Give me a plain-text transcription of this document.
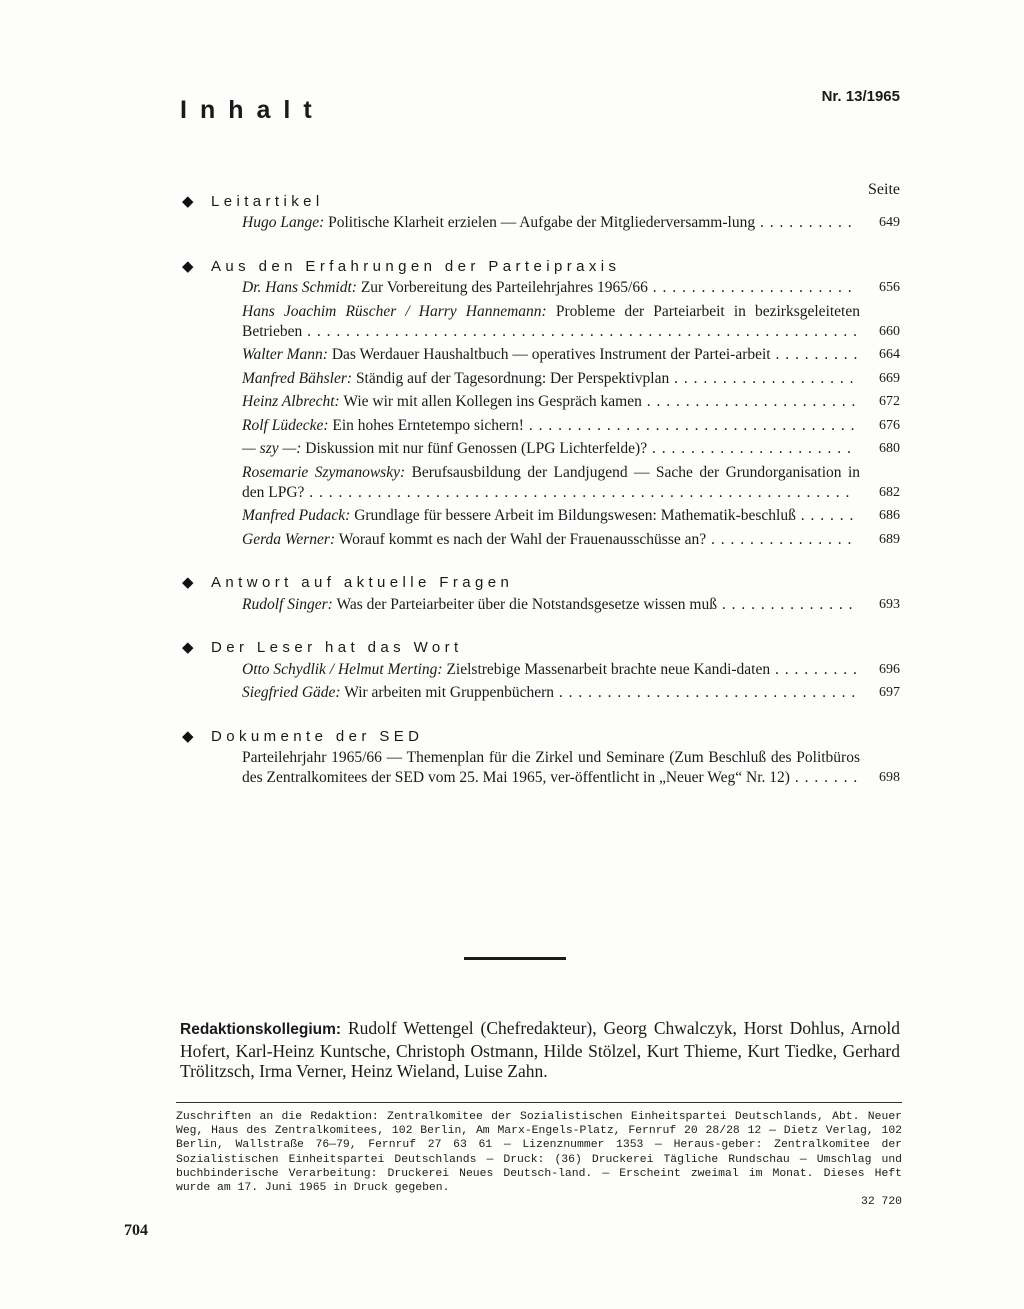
Inhalt	Nr. 13/1965
Seite
◆	Leitartikel
Hugo Lange: Politische Klarheit erzielen — Aufgabe der Mitgliederversamm-lung . . . . . . . . . .	649
◆	Aus den Erfahrungen der Parteipraxis
Dr. Hans Schmidt: Zur Vorbereitung des Parteilehrjahres 1965/66 . . . . . . . . . . . . . . . . . . . . .	656
Hans Joachim Rüscher / Harry Hannemann: Probleme der Parteiarbeit in bezirksgeleiteten Betrieben . . . . . . . . . . . . . . . . . . . . . . . . . . . . . . . . . . . . . . . . . . . . . . . . . . . . . . . . .	660
Walter Mann: Das Werdauer Haushaltbuch — operatives Instrument der Partei-arbeit . . . . . . . . .	664
Manfred Bähsler: Ständig auf der Tagesordnung: Der Perspektivplan . . . . . . . . . . . . . . . . . . .	669
Heinz Albrecht: Wie wir mit allen Kollegen ins Gespräch kamen . . . . . . . . . . . . . . . . . . . . . .	672
Rolf Lüdecke: Ein hohes Erntetempo sichern! . . . . . . . . . . . . . . . . . . . . . . . . . . . . . . . . . .	676
— szy —: Diskussion mit nur fünf Genossen (LPG Lichterfelde)? . . . . . . . . . . . . . . . . . . . . .	680
Rosemarie Szymanowsky: Berufsausbildung der Landjugend — Sache der Grundorganisation in den LPG? . . . . . . . . . . . . . . . . . . . . . . . . . . . . . . . . . . . . . . . . . . . . . . . . . . . . . . . .	682
Manfred Pudack: Grundlage für bessere Arbeit im Bildungswesen: Mathematik-beschluß . . . . . .	686
Gerda Werner: Worauf kommt es nach der Wahl der Frauenausschüsse an? . . . . . . . . . . . . . . .	689
◆	Antwort auf aktuelle Fragen
Rudolf Singer: Was der Parteiarbeiter über die Notstandsgesetze wissen muß . . . . . . . . . . . . . .	693
◆	Der Leser hat das Wort
Otto Schydlik / Helmut Merting: Zielstrebige Massenarbeit brachte neue Kandi-daten . . . . . . . . .	696
Siegfried Gäde: Wir arbeiten mit Gruppenbüchern . . . . . . . . . . . . . . . . . . . . . . . . . . . . . . .	697
◆	Dokumente der SED
Parteilehrjahr 1965/66 — Themenplan für die Zirkel und Seminare (Zum Beschluß des Politbüros des Zentralkomitees der SED vom 25. Mai 1965, ver-öffentlicht in „Neuer Weg“ Nr. 12) . . . . . . .	698
Redaktionskollegium: Rudolf Wettengel (Chefredakteur), Georg Chwalczyk, Horst Dohlus, Arnold Hofert, Karl-Heinz Kuntsche, Christoph Ostmann, Hilde Stölzel, Kurt Thieme, Kurt Tiedke, Gerhard Trölitzsch, Irma Verner, Heinz Wieland, Luise Zahn.
Zuschriften an die Redaktion: Zentralkomitee der Sozialistischen Einheitspartei Deutschlands, Abt. Neuer Weg, Haus des Zentralkomitees, 102 Berlin, Am Marx-Engels-Platz, Fernruf 20 28/28 12 — Dietz Verlag, 102 Berlin, Wallstraße 76—79, Fernruf 27 63 61 — Lizenznummer 1353 — Heraus-geber: Zentralkomitee der Sozialistischen Einheitspartei Deutschlands — Druck: (36) Druckerei Tägliche Rundschau — Umschlag und buchbinderische Verarbeitung: Druckerei Neues Deutsch-land. — Erscheint zweimal im Monat. Dieses Heft wurde am 17. Juni 1965 in Druck gegeben.
32 720
704
